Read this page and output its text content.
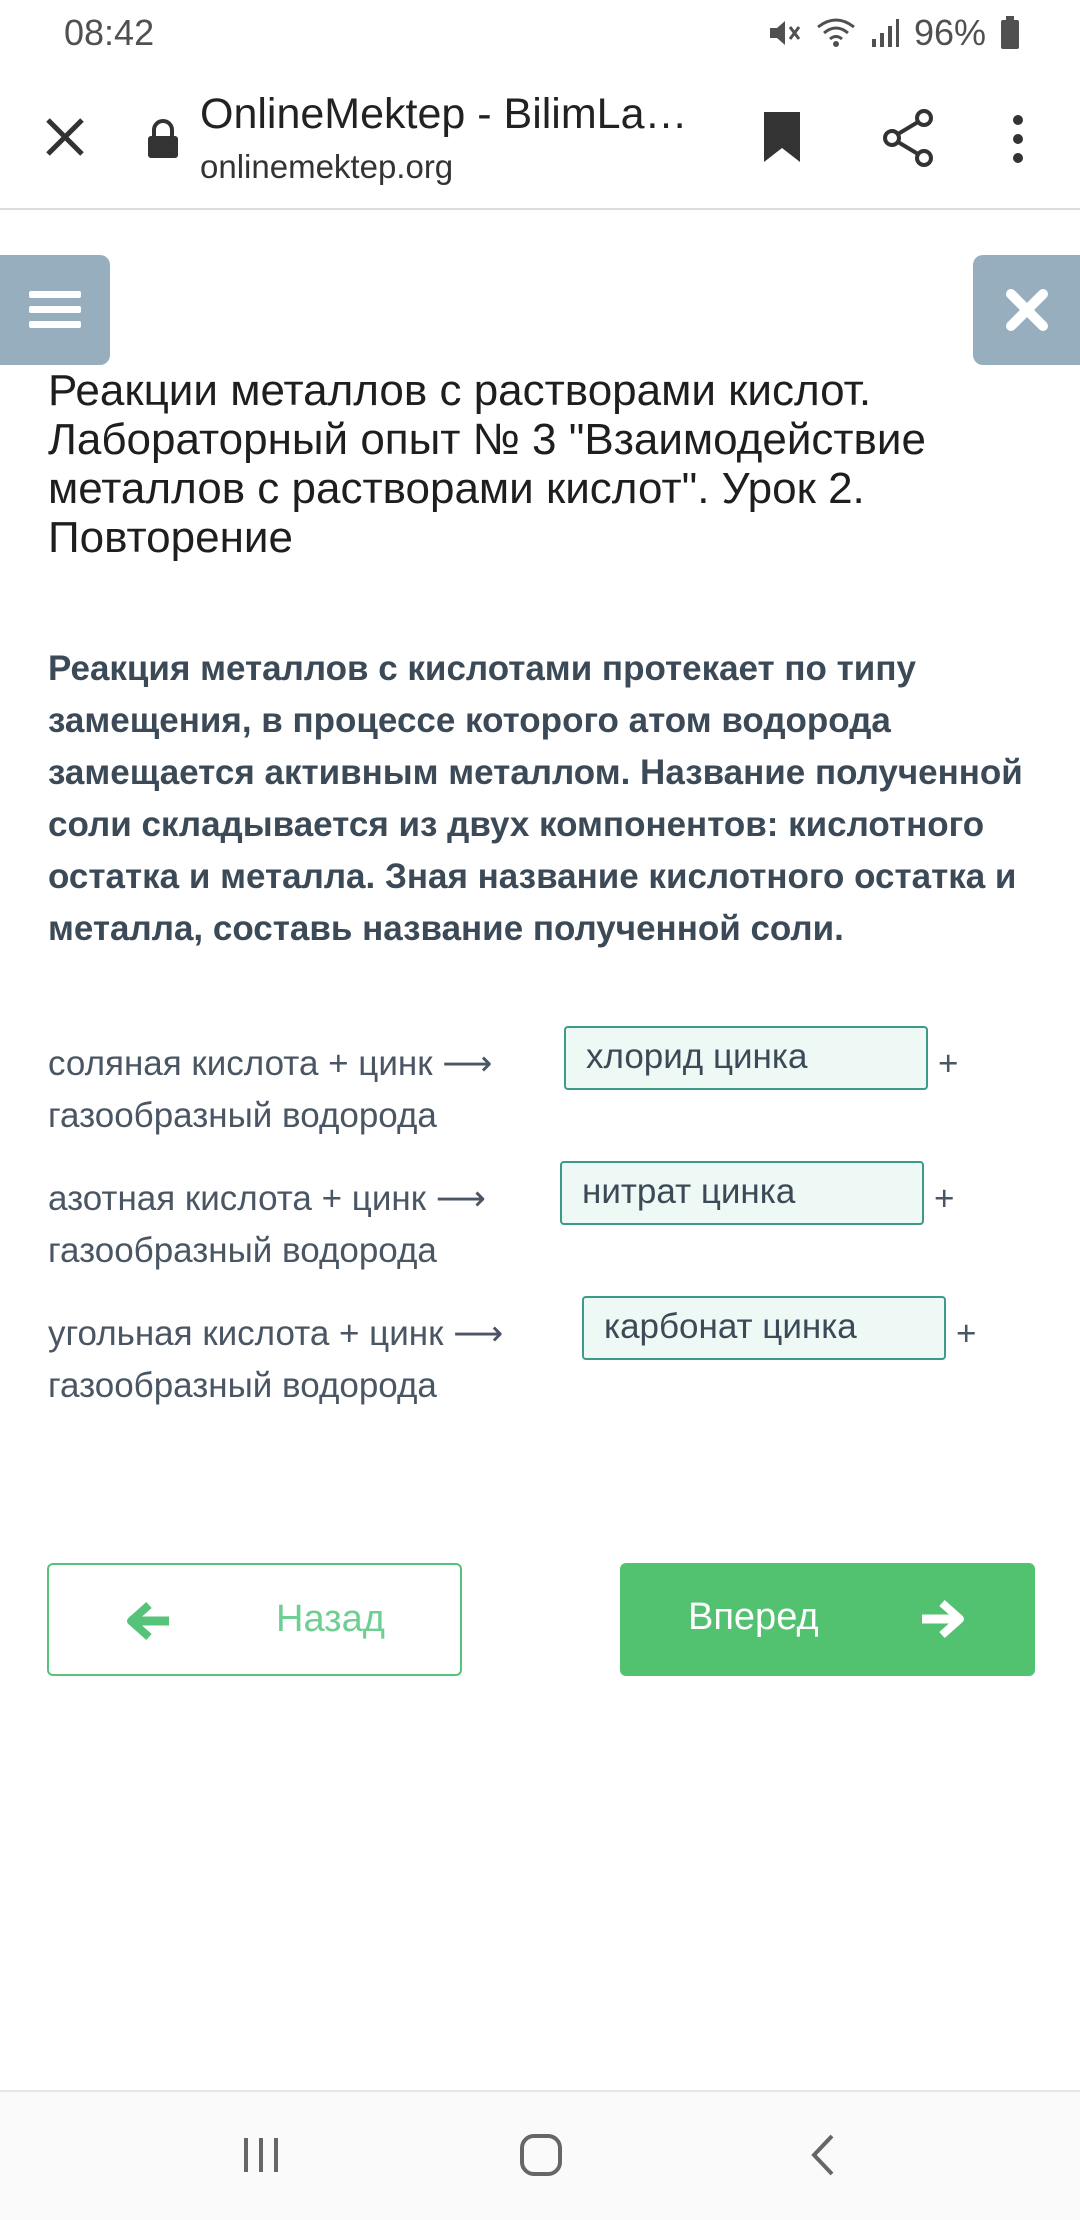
08:42	96%
OnlineMektep - BilimLa…
onlinemektep.org
Реакции металлов с растворами кислот. Лабораторный опыт № 3 "Взаимодействие металлов с растворами кислот". Урок 2. Повторение
Реакция металлов с кислотами протекает по типу замещения, в процессе которого атом водорода замещается активным металлом. Название полученной соли складывается из двух компонентов: кислотного остатка и металла. Зная название кислотного остатка и металла, составь название полученной соли.
соляная кислота + цинк ⟶	хлорид цинка	+
газообразный водорода
азотная кислота + цинк ⟶	нитрат цинка	+
газообразный водорода
угольная кислота + цинк ⟶	карбонат цинка	+
газообразный водорода
Назад	Вперед
